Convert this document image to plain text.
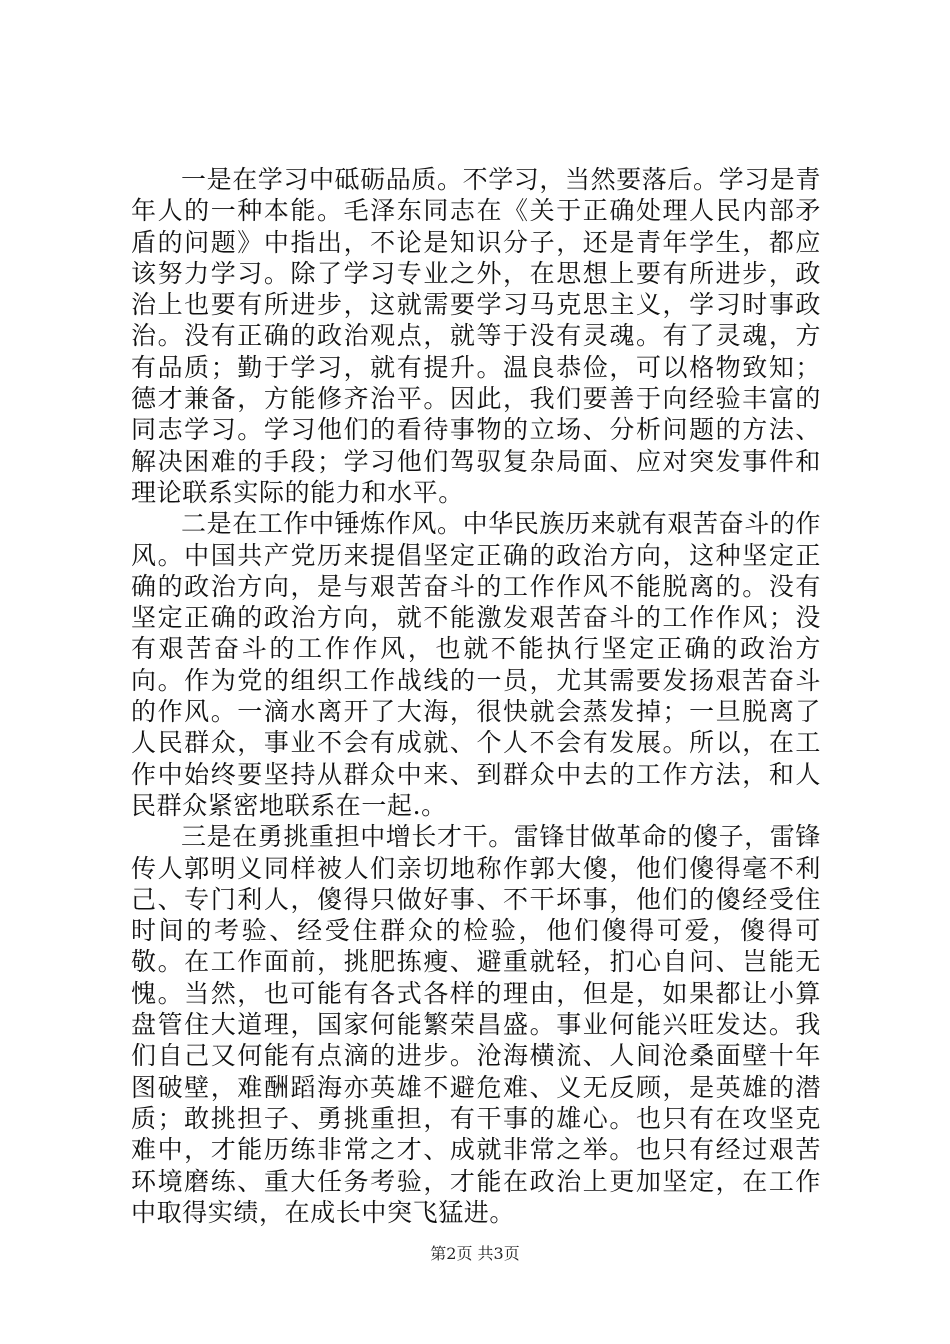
一是在学习中砥砺品质。不学习，当然要落后。学习是青年人的一种本能。毛泽东同志在《关于正确处理人民内部矛盾的问题》中指出，不论是知识分子，还是青年学生，都应该努力学习。除了学习专业之外，在思想上要有所进步，政治上也要有所进步，这就需要学习马克思主义，学习时事政治。没有正确的政治观点，就等于没有灵魂。有了灵魂，方有品质；勤于学习，就有提升。温良恭俭，可以格物致知；德才兼备，方能修齐治平。因此，我们要善于向经验丰富的同志学习。学习他们的看待事物的立场、分析问题的方法、解决困难的手段；学习他们驾驭复杂局面、应对突发事件和理论联系实际的能力和水平。

二是在工作中锤炼作风。中华民族历来就有艰苦奋斗的作风。中国共产党历来提倡坚定正确的政治方向，这种坚定正确的政治方向，是与艰苦奋斗的工作作风不能脱离的。没有坚定正确的政治方向，就不能激发艰苦奋斗的工作作风；没有艰苦奋斗的工作作风，也就不能执行坚定正确的政治方向。作为党的组织工作战线的一员，尤其需要发扬艰苦奋斗的作风。一滴水离开了大海，很快就会蒸发掉；一旦脱离了人民群众，事业不会有成就、个人不会有发展。所以，在工作中始终要坚持从群众中来、到群众中去的工作方法，和人民群众紧密地联系在一起.。

三是在勇挑重担中增长才干。雷锋甘做革命的傻子，雷锋传人郭明义同样被人们亲切地称作郭大傻，他们傻得毫不利己、专门利人，傻得只做好事、不干坏事，他们的傻经受住时间的考验、经受住群众的检验，他们傻得可爱，傻得可敬。在工作面前，挑肥拣瘦、避重就轻，扪心自问、岂能无愧。当然，也可能有各式各样的理由，但是，如果都让小算盘管住大道理，国家何能繁荣昌盛。事业何能兴旺发达。我们自己又何能有点滴的进步。沧海横流、人间沧桑面壁十年图破壁，难酬蹈海亦英雄不避危难、义无反顾，是英雄的潜质；敢挑担子、勇挑重担，有干事的雄心。也只有在攻坚克难中，才能历练非常之才、成就非常之举。也只有经过艰苦环境磨练、重大任务考验，才能在政治上更加坚定，在工作中取得实绩，在成长中突飞猛进。

第2页 共3页
